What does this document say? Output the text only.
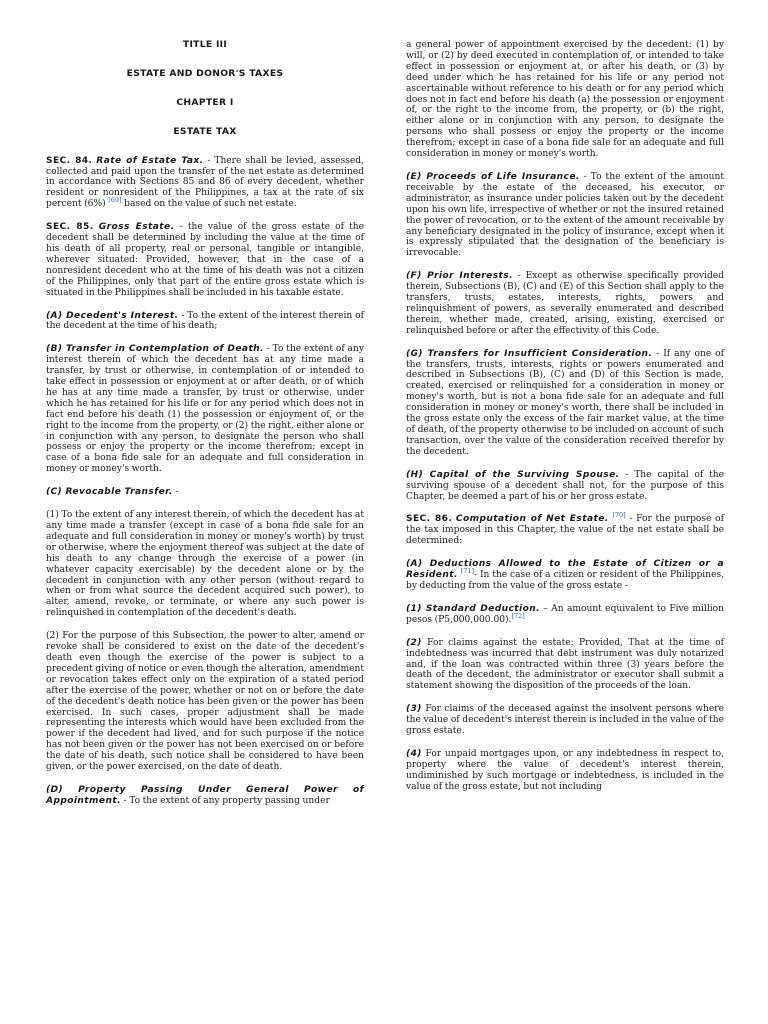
TITLE III
ESTATE AND DONOR'S TAXES
CHAPTER I
ESTATE TAX

SEC. 84. Rate of Estate Tax. - There shall be levied, assessed, collected and paid upon the transfer of the net estate as determined in accordance with Sections 85 and 86 of every decedent, whether resident or nonresident of the Philippines, a tax at the rate of six percent (6%) [69] based on the value of such net estate.

SEC. 85. Gross Estate. - the value of the gross estate of the decedent shall be determined by including the value at the time of his death of all property, real or personal, tangible or intangible, wherever situated: Provided, however, that in the case of a nonresident decedent who at the time of his death was not a citizen of the Philippines, only that part of the entire gross estate which is situated in the Philippines shall be included in his taxable estate.

(A) Decedent's Interest. - To the extent of the interest therein of the decedent at the time of his death;

(B) Transfer in Contemplation of Death. - To the extent of any interest therein of which the decedent has at any time made a transfer, by trust or otherwise, in contemplation of or intended to take effect in possession or enjoyment at or after death, or of which he has at any time made a transfer, by trust or otherwise, under which he has retained for his life or for any period which does not in fact end before his death (1) the possession or enjoyment of, or the right to the income from the property, or (2) the right, either alone or in conjunction with any person, to designate the person who shall possess or enjoy the property or the income therefrom; except in case of a bona fide sale for an adequate and full consideration in money or money's worth.

(C) Revocable Transfer. -

(1) To the extent of any interest therein, of which the decedent has at any time made a transfer (except in case of a bona fide sale for an adequate and full consideration in money or money's worth) by trust or otherwise, where the enjoyment thereof was subject at the date of his death to any change through the exercise of a power (in whatever capacity exercisable) by the decedent alone or by the decedent in conjunction with any other person (without regard to when or from what source the decedent acquired such power), to alter, amend, revoke, or terminate, or where any such power is relinquished in contemplation of the decedent's death.

(2) For the purpose of this Subsection, the power to alter, amend or revoke shall be considered to exist on the date of the decedent's death even though the exercise of the power is subject to a precedent giving of notice or even though the alteration, amendment or revocation takes effect only on the expiration of a stated period after the exercise of the power, whether or not on or before the date of the decedent's death notice has been given or the power has been exercised. In such cases, proper adjustment shall be made representing the interests which would have been excluded from the power if the decedent had lived, and for such purpose if the notice has not been given or the power has not been exercised on or before the date of his death, such notice shall be considered to have been given, or the power exercised, on the date of death.

(D) Property Passing Under General Power of Appointment. - To the extent of any property passing under

a general power of appointment exercised by the decedent: (1) by will, or (2) by deed executed in contemplation of, or intended to take effect in possession or enjoyment at, or after his death, or (3) by deed under which he has retained for his life or any period not ascertainable without reference to his death or for any period which does not in fact end before his death (a) the possession or enjoyment of, or the right to the income from, the property, or (b) the right, either alone or in conjunction with any person, to designate the persons who shall possess or enjoy the property or the income therefrom; except in case of a bona fide sale for an adequate and full consideration in money or money's worth.

(E) Proceeds of Life Insurance. - To the extent of the amount receivable by the estate of the deceased, his executor, or administrator, as insurance under policies taken out by the decedent upon his own life, irrespective of whether or not the insured retained the power of revocation, or to the extent of the amount receivable by any beneficiary designated in the policy of insurance, except when it is expressly stipulated that the designation of the beneficiary is irrevocable.

(F) Prior Interests. - Except as otherwise specifically provided therein, Subsections (B), (C) and (E) of this Section shall apply to the transfers, trusts, estates, interests, rights, powers and relinquishment of powers, as severally enumerated and described therein, whether made, created, arising, existing, exercised or relinquished before or after the effectivity of this Code.

(G) Transfers for Insufficient Consideration. - If any one of the transfers, trusts, interests, rights or powers enumerated and described in Subsections (B), (C) and (D) of this Section is made, created, exercised or relinquished for a consideration in money or money's worth, but is not a bona fide sale for an adequate and full consideration in money or money's worth, there shall be included in the gross estate only the excess of the fair market value, at the time of death, of the property otherwise to be included on account of such transaction, over the value of the consideration received therefor by the decedent.

(H) Capital of the Surviving Spouse. - The capital of the surviving spouse of a decedent shall not, for the purpose of this Chapter, be deemed a part of his or her gross estate.

SEC. 86. Computation of Net Estate. [70] - For the purpose of the tax imposed in this Chapter, the value of the net estate shall be determined:

(A) Deductions Allowed to the Estate of Citizen or a Resident. [71]- In the case of a citizen or resident of the Philippines, by deducting from the value of the gross estate -

(1) Standard Deduction. – An amount equivalent to Five million pesos (P5,000,000.00).[72]

(2) For claims against the estate: Provided, That at the time of indebtedness was incurred that debt instrument was duly notarized and, if the loan was contracted within three (3) years before the death of the decedent, the administrator or executor shall submit a statement showing the disposition of the proceeds of the loan.

(3) For claims of the deceased against the insolvent persons where the value of decedent's interest therein is included in the value of the gross estate.

(4) For unpaid mortgages upon, or any indebtedness in respect to, property where the value of decedent's interest therein, undiminished by such mortgage or indebtedness, is included in the value of the gross estate, but not including
